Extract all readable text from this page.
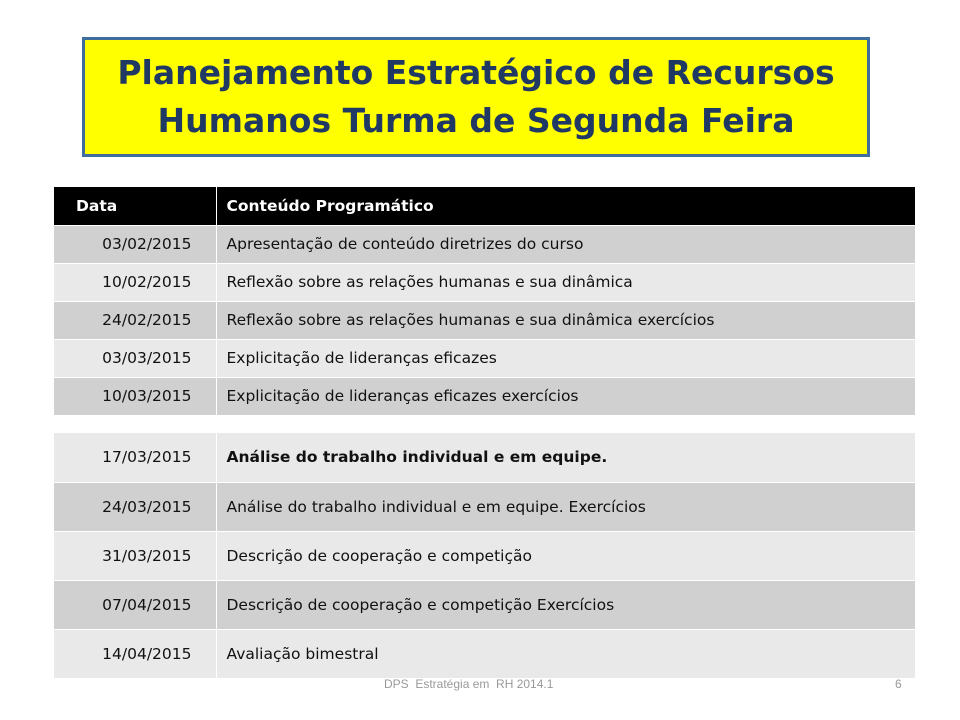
Planejamento Estratégico de Recursos Humanos Turma de Segunda Feira
Data	Conteúdo Programático
03/02/2015	Apresentação de conteúdo diretrizes do curso
10/02/2015	Reflexão sobre as relações humanas e sua dinâmica
24/02/2015	Reflexão sobre as relações humanas e sua dinâmica exercícios
03/03/2015	Explicitação de lideranças eficazes
10/03/2015	Explicitação de lideranças eficazes exercícios
17/03/2015	Análise do trabalho individual e em equipe.
24/03/2015	Análise do trabalho individual e em equipe. Exercícios
31/03/2015	Descrição de cooperação e competição
07/04/2015	Descrição de cooperação e competição Exercícios
14/04/2015	Avaliação bimestral
DPS  Estratégia em  RH 2014.1	6
